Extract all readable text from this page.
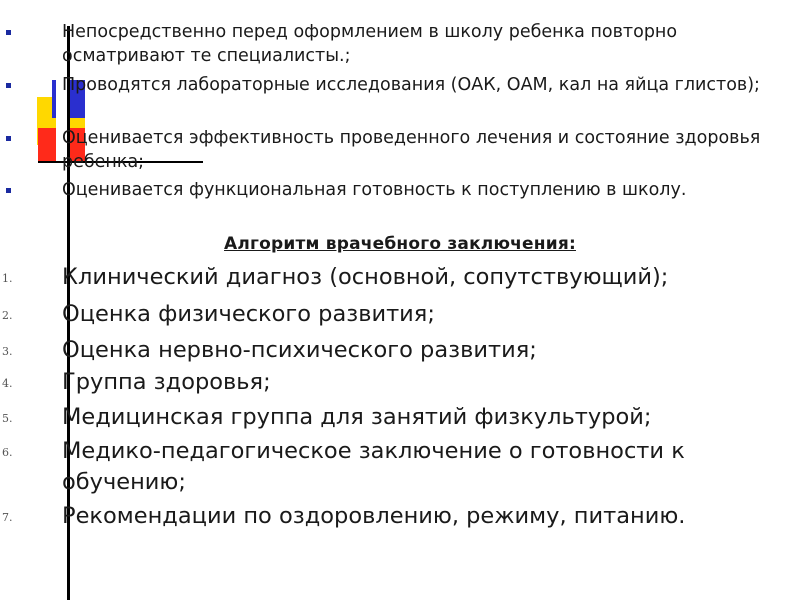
Непосредственно перед оформлением в школу ребенка повторно осматривают те специалисты.;
Проводятся лабораторные исследования (ОАК, ОАМ, кал на яйца глистов);
Оценивается эффективность проведенного лечения и состояние здоровья ребенка;
Оценивается функциональная готовность к поступлению в школу.
Алгоритм врачебного заключения:
1. Клинический диагноз (основной, сопутствующий);
2. Оценка физического развития;
3. Оценка нервно-психического развития;
4. Группа здоровья;
5. Медицинская группа для занятий физкультурой;
6. Медико-педагогическое заключение о готовности к обучению;
7. Рекомендации по оздоровлению, режиму, питанию.
